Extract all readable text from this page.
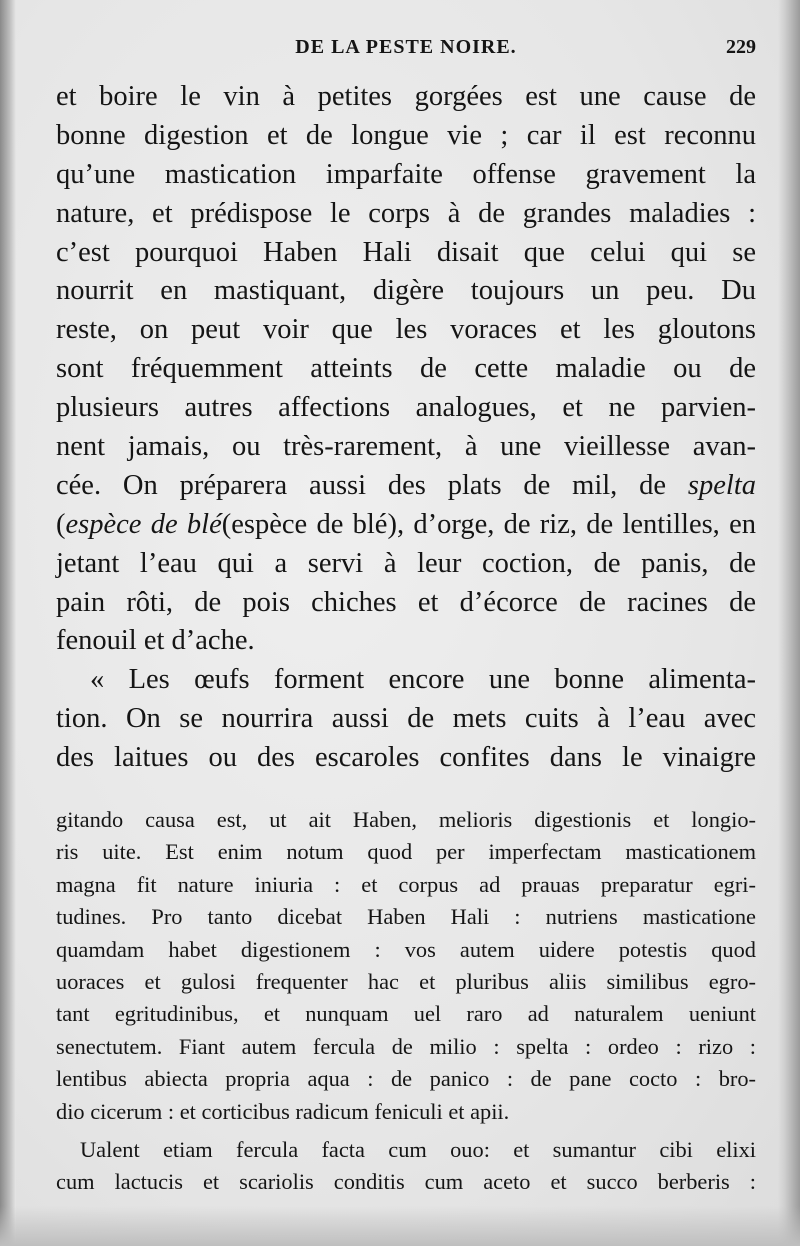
DE LA PESTE NOIRE.	229
et boire le vin à petites gorgées est une cause de
bonne digestion et de longue vie ; car il est reconnu
qu’une mastication imparfaite offense gravement la
nature, et prédispose le corps à de grandes maladies :
c’est pourquoi Haben Hali disait que celui qui se
nourrit en mastiquant, digère toujours un peu. Du
reste, on peut voir que les voraces et les gloutons
sont fréquemment atteints de cette maladie ou de
plusieurs autres affections analogues, et ne parvien-
nent jamais, ou très-rarement, à une vieillesse avan-
cée. On préparera aussi des plats de mil, de spelta
(espèce de blé(espèce de blé), d’orge, de riz, de lentilles, en
jetant l’eau qui a servi à leur coction, de panis, de
pain rôti, de pois chiches et d’écorce de racines de
fenouil et d’ache.
« Les œufs forment encore une bonne alimenta-
tion. On se nourrira aussi de mets cuits à l’eau avec
des laitues ou des escaroles confites dans le vinaigre
gitando causa est, ut ait Haben, melioris digestionis et longio-
ris uite. Est enim notum quod per imperfectam masticationem
magna fit nature iniuria : et corpus ad prauas preparatur egri-
tudines. Pro tanto dicebat Haben Hali : nutriens masticatione
quamdam habet digestionem : vos autem uidere potestis quod
uoraces et gulosi frequenter hac et pluribus aliis similibus egro-
tant egritudinibus, et nunquam uel raro ad naturalem ueniunt
senectutem. Fiant autem fercula de milio : spelta : ordeo : rizo :
lentibus abiecta propria aqua : de panico : de pane cocto : bro-
dio cicerum : et corticibus radicum feniculi et apii.
Ualent etiam fercula facta cum ouo: et sumantur cibi elixi
cum lactucis et scariolis conditis cum aceto et succo berberis :
